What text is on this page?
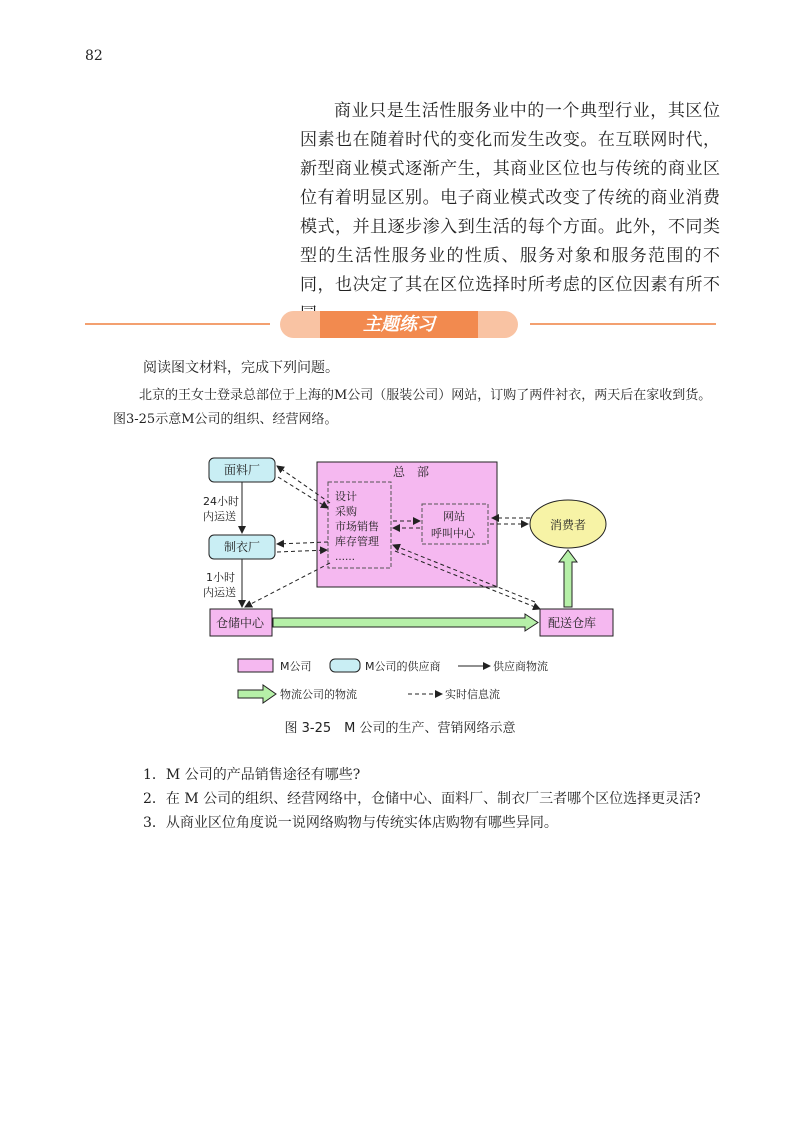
82

商业只是生活性服务业中的一个典型行业，其区位因素也在随着时代的变化而发生改变。在互联网时代，新型商业模式逐渐产生，其商业区位也与传统的商业区位有着明显区别。电子商业模式改变了传统的商业消费模式，并且逐步渗入到生活的每个方面。此外，不同类型的生活性服务业的性质、服务对象和服务范围的不同，也决定了其在区位选择时所考虑的区位因素有所不

主题练习
阅读图文材料，完成下列问题。

北京的王女士登录总部位于上海的M公司（服装公司）网站，订购了两件衬衣，两天后在家收到货。图3-25示意M公司的组织、经营网络。

总　部
设计
采购
市场销售
库存管理
……
网站
呼叫中心
面料厂
制衣厂
仓储中心	配送仓库
消费者
24小时
内运送
1小时
内运送
M公司	M公司的供应商	供应商物流
物流公司的物流	实时信息流
图 3-25　M 公司的生产、营销网络示意

1．M 公司的产品销售途径有哪些?

2．在 M 公司的组织、经营网络中，仓储中心、面料厂、制衣厂三者哪个区位选择更灵活?

3．从商业区位角度说一说网络购物与传统实体店购物有哪些异同。
